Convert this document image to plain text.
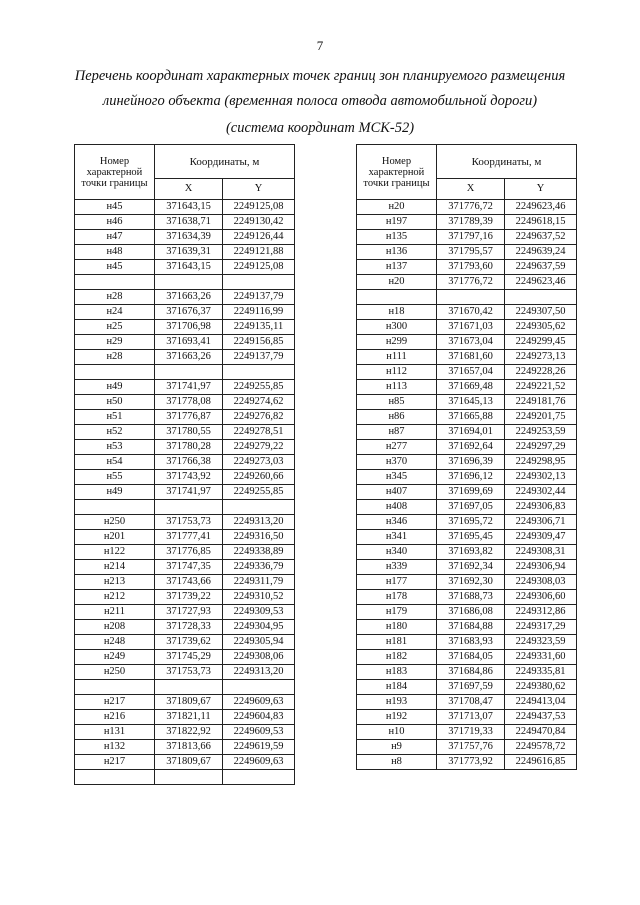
7
Перечень координат характерных точек границ зон планируемого размещения
линейного объекта (временная полоса отвода автомобильной дороги)
(система координат МСК-52)
Номер характерной точки границы	Координаты, м	
	X	Y
н45	371643,15	2249125,08
н46	371638,71	2249130,42
н47	371634,39	2249126,44
н48	371639,31	2249121,88
н45	371643,15	2249125,08

н28	371663,26	2249137,79
н24	371676,37	2249116,99
н25	371706,98	2249135,11
н29	371693,41	2249156,85
н28	371663,26	2249137,79

н49	371741,97	2249255,85
н50	371778,08	2249274,62
н51	371776,87	2249276,82
н52	371780,55	2249278,51
н53	371780,28	2249279,22
н54	371766,38	2249273,03
н55	371743,92	2249260,66
н49	371741,97	2249255,85

н250	371753,73	2249313,20
н201	371777,41	2249316,50
н122	371776,85	2249338,89
н214	371747,35	2249336,79
н213	371743,66	2249311,79
н212	371739,22	2249310,52
н211	371727,93	2249309,53
н208	371728,33	2249304,95
н248	371739,62	2249305,94
н249	371745,29	2249308,06
н250	371753,73	2249313,20

н217	371809,67	2249609,63
н216	371821,11	2249604,83
н131	371822,92	2249609,53
н132	371813,66	2249619,59
н217	371809,67	2249609,63

Номер характерной точки границы	Координаты, м	
	X	Y
н20	371776,72	2249623,46
н197	371789,39	2249618,15
н135	371797,16	2249637,52
н136	371795,57	2249639,24
н137	371793,60	2249637,59
н20	371776,72	2249623,46

н18	371670,42	2249307,50
н300	371671,03	2249305,62
н299	371673,04	2249299,45
н111	371681,60	2249273,13
н112	371657,04	2249228,26
н113	371669,48	2249221,52
н85	371645,13	2249181,76
н86	371665,88	2249201,75
н87	371694,01	2249253,59
н277	371692,64	2249297,29
н370	371696,39	2249298,95
н345	371696,12	2249302,13
н407	371699,69	2249302,44
н408	371697,05	2249306,83
н346	371695,72	2249306,71
н341	371695,45	2249309,47
н340	371693,82	2249308,31
н339	371692,34	2249306,94
н177	371692,30	2249308,03
н178	371688,73	2249306,60
н179	371686,08	2249312,86
н180	371684,88	2249317,29
н181	371683,93	2249323,59
н182	371684,05	2249331,60
н183	371684,86	2249335,81
н184	371697,59	2249380,62
н193	371708,47	2249413,04
н192	371713,07	2249437,53
н10	371719,33	2249470,84
н9	371757,76	2249578,72
н8	371773,92	2249616,85
